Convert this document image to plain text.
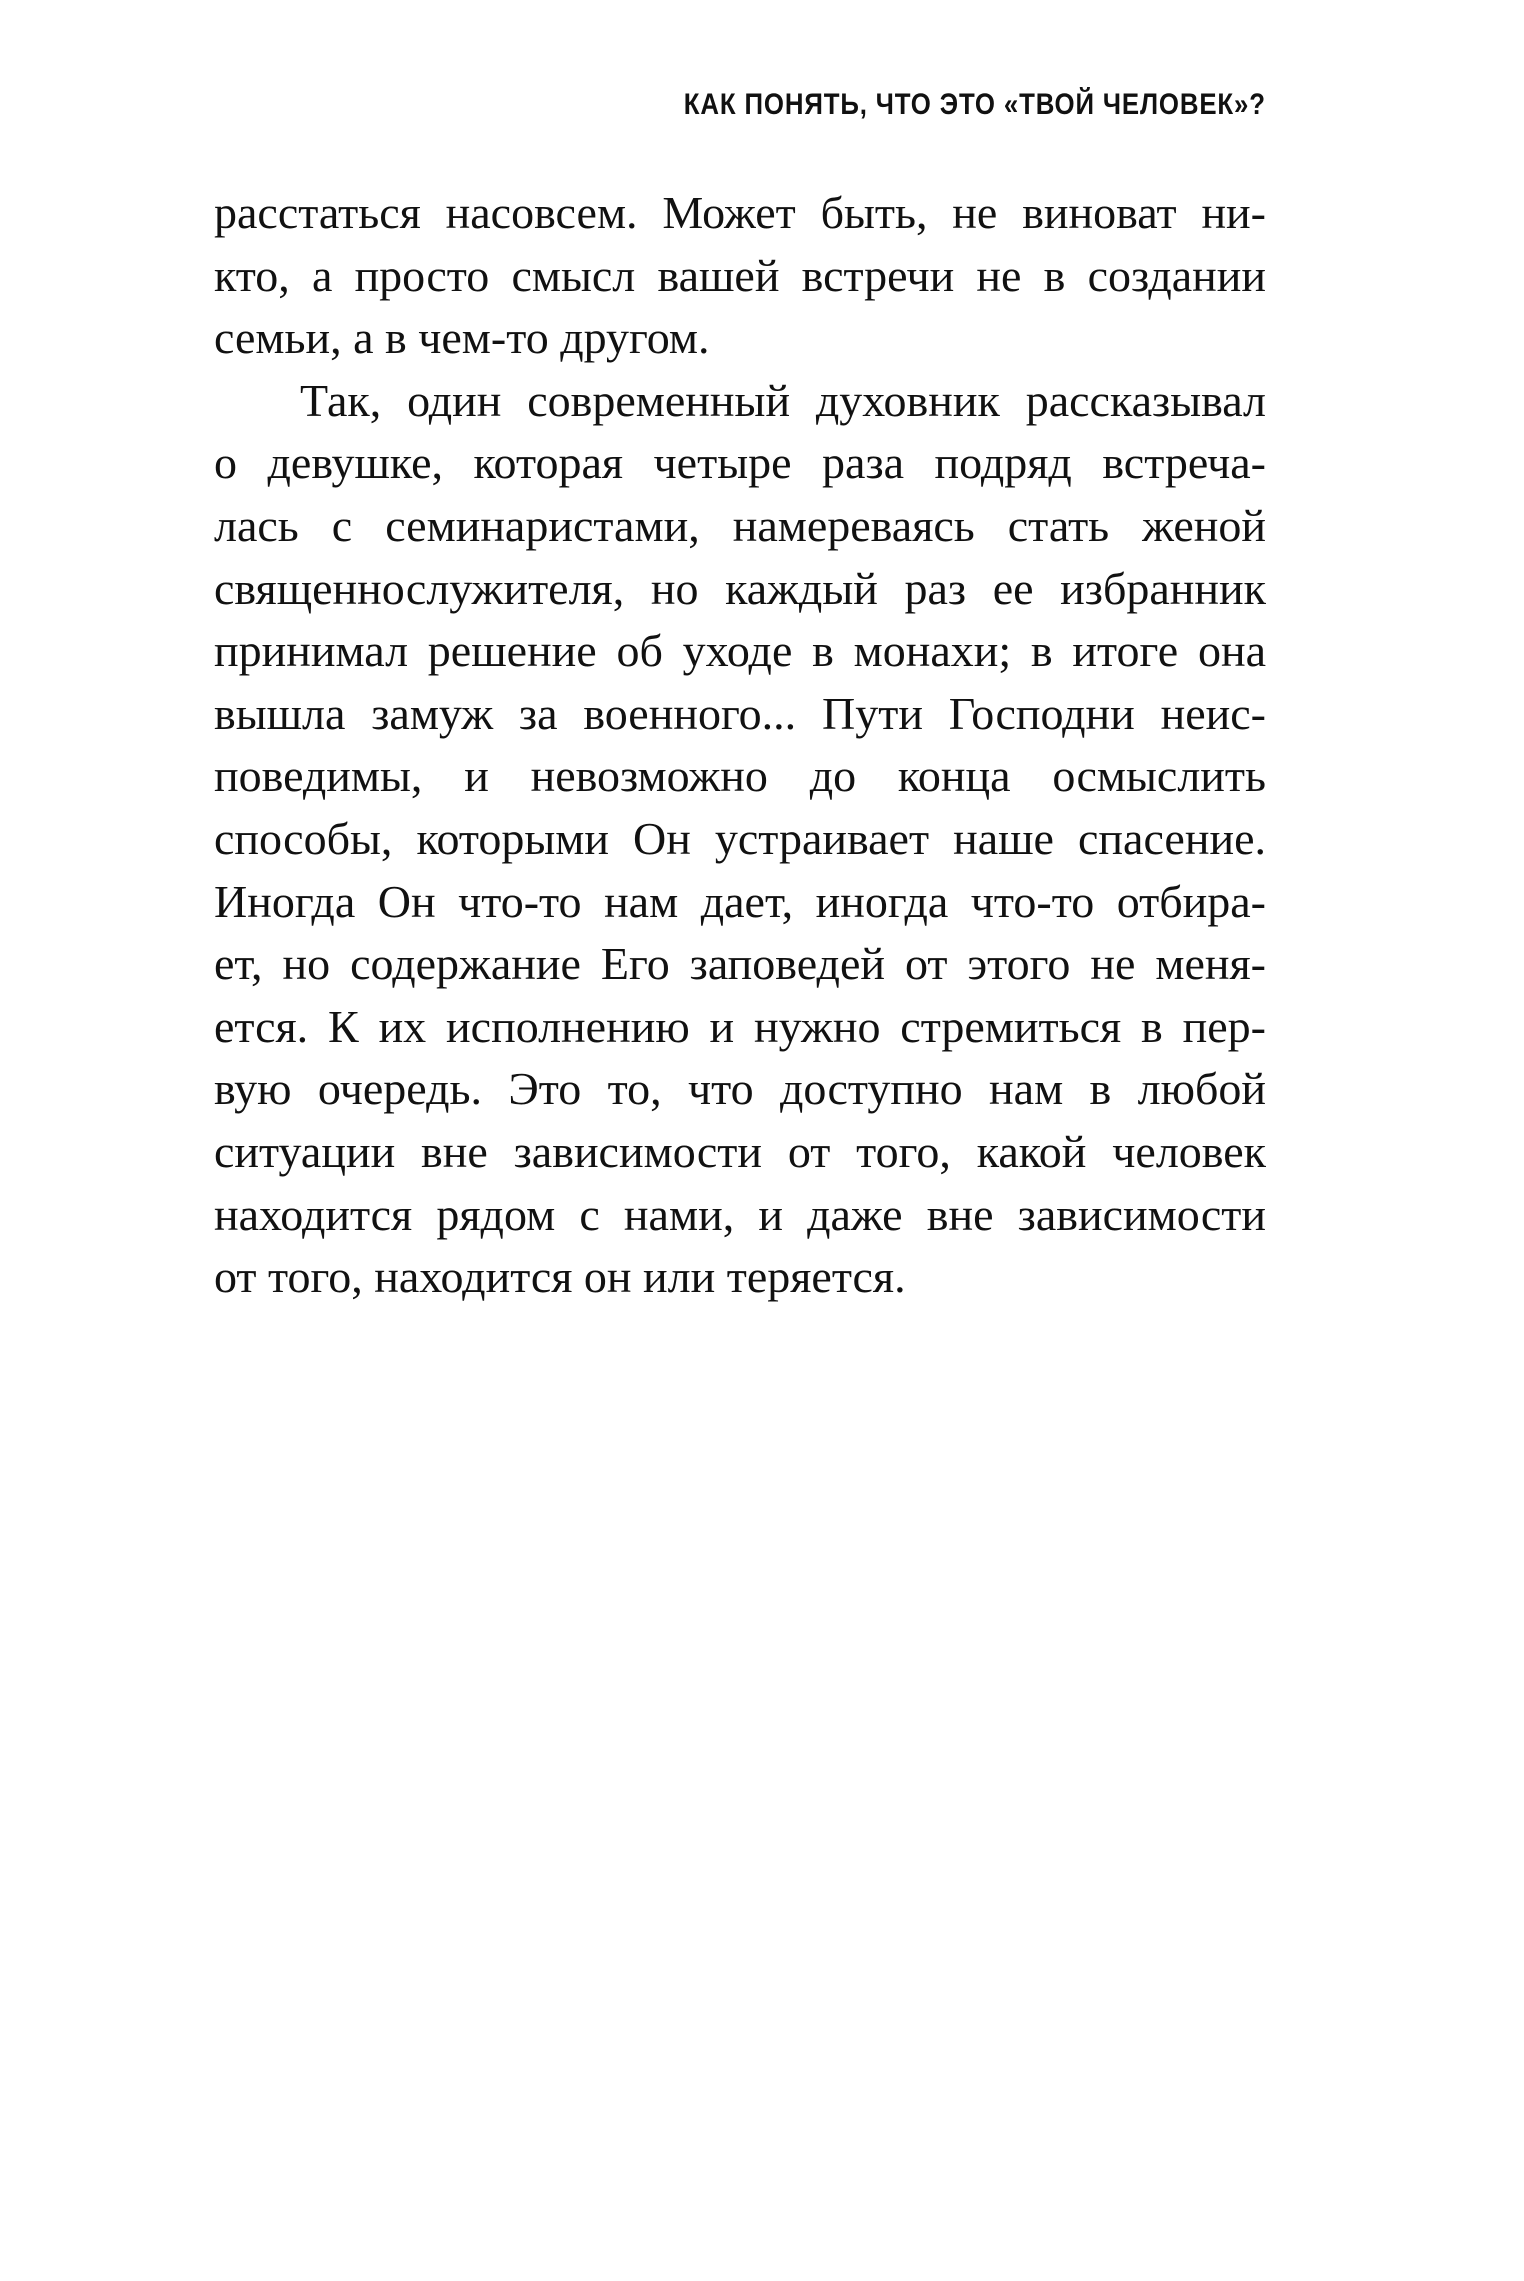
КАК ПОНЯТЬ, ЧТО ЭТО «ТВОЙ ЧЕЛОВЕК»?
расстаться насовсем. Может быть, не виноват ни-
кто, а просто смысл вашей встречи не в создании
семьи, а в чем-то другом.
Так, один современный духовник рассказывал
о девушке, которая четыре раза подряд встреча-
лась с семинаристами, намереваясь стать женой
священнослужителя, но каждый раз ее избранник
принимал решение об уходе в монахи; в итоге она
вышла замуж за военного... Пути Господни неис-
поведимы, и невозможно до конца осмыслить
способы, которыми Он устраивает наше спасение.
Иногда Он что-то нам дает, иногда что-то отбира-
ет, но содержание Его заповедей от этого не меня-
ется. К их исполнению и нужно стремиться в пер-
вую очередь. Это то, что доступно нам в любой
ситуации вне зависимости от того, какой человек
находится рядом с нами, и даже вне зависимости
от того, находится он или теряется.
